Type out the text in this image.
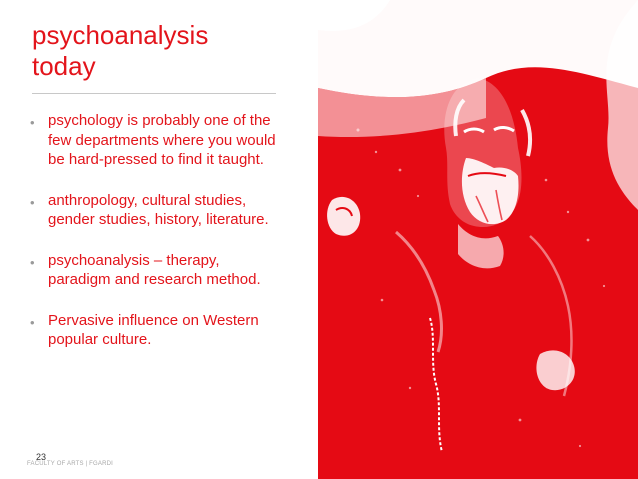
psychoanalysis
today
• psychology is probably one of the few departments where you would be hard-pressed to find it taught.
• anthropology, cultural studies, gender studies, history, literature.
• psychoanalysis – therapy, paradigm and research method.
• Pervasive influence on Western popular culture.
23
FACULTY OF ARTS | FGARDI
